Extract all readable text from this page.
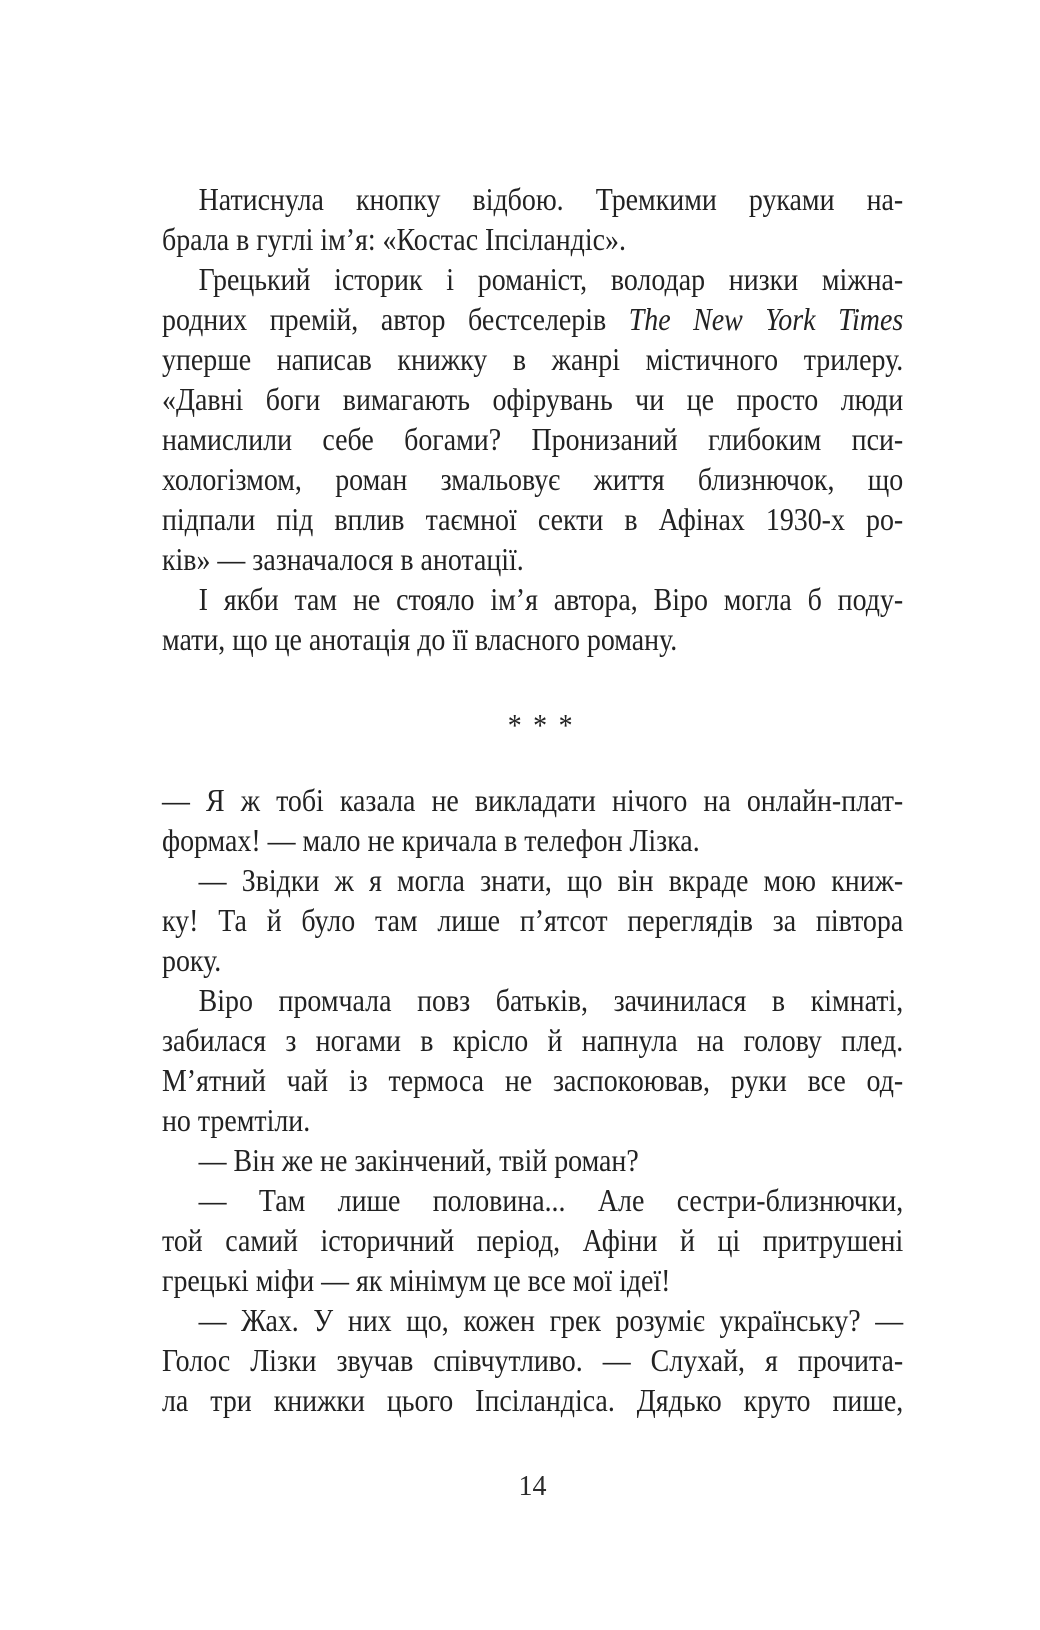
Натиснула кнопку відбою. Тремкими руками на-
брала в гуглі ім’я: «Костас Іпсіландіс».
Грецький історик і романіст, володар низки міжна-
родних премій, автор бестселерів The New York Times
уперше написав книжку в жанрі містичного трилеру.
«Давні боги вимагають офірувань чи це просто люди
намислили себе богами? Пронизаний глибоким пси-
хологізмом, роман змальовує життя близнючок, що
підпали під вплив таємної секти в Афінах 1930-х ро-
ків» — зазначалося в анотації.
І якби там не стояло ім’я автора, Віро могла б поду-
мати, що це анотація до її власного роману.
* * *
— Я ж тобі казала не викладати нічого на онлайн-плат-
формах! — мало не кричала в телефон Лізка.
— Звідки ж я могла знати, що він вкраде мою книж-
ку! Та й було там лише п’ятсот переглядів за півтора
року.
Віро промчала повз батьків, зачинилася в кімнаті,
забилася з ногами в крісло й напнула на голову плед.
М’ятний чай із термоса не заспокоював, руки все од-
но тремтіли.
— Він же не закінчений, твій роман?
— Там лише половина... Але сестри-близнючки,
той самий історичний період, Афіни й ці притрушені
грецькі міфи — як мінімум це все мої ідеї!
— Жах. У них що, кожен грек розуміє українську? —
Голос Лізки звучав співчутливо. — Слухай, я прочита-
ла три книжки цього Іпсіландіса. Дядько круто пише,
14
